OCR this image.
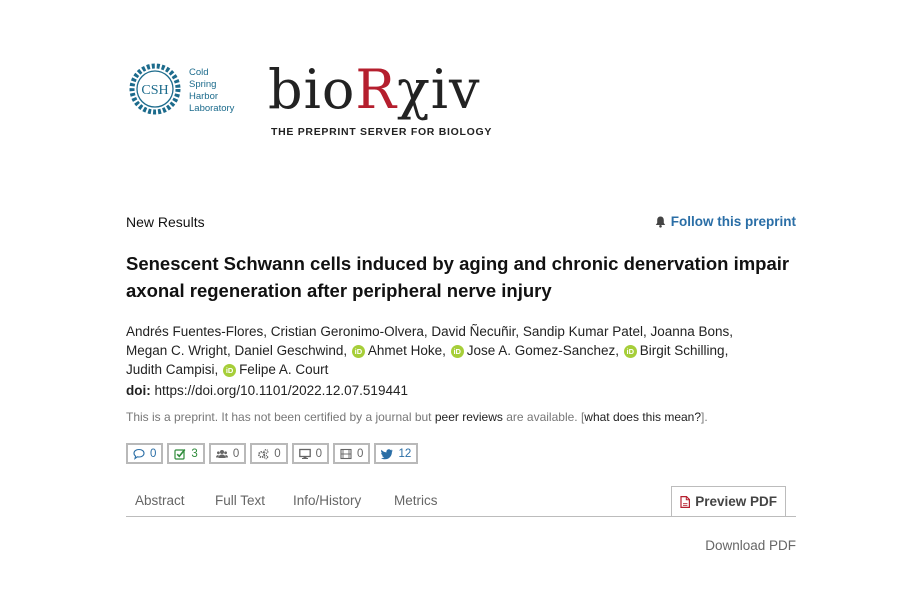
CSH
Cold
Spring
Harbor
Laboratory bioRχiv
THE PREPRINT SERVER FOR BIOLOGY
New Results	Follow this preprint
Senescent Schwann cells induced by aging and chronic denervation impair axonal regeneration after peripheral nerve injury
Andrés Fuentes-Flores, Cristian Geronimo-Olvera, David Ñecuñir, Sandip Kumar Patel, Joanna Bons,
Megan C. Wright, Daniel Geschwind, iD Ahmet Hoke, iD Jose A. Gomez-Sanchez, iD Birgit Schilling,
Judith Campisi, iD Felipe A. Court
doi: https://doi.org/10.1101/2022.12.07.519441
This is a preprint. It has not been certified by a journal but peer reviews are available. [what does this mean?].
0	3	0	0	0	0	12
Abstract Full Text Info/History Metrics	Preview PDF
Download PDF
